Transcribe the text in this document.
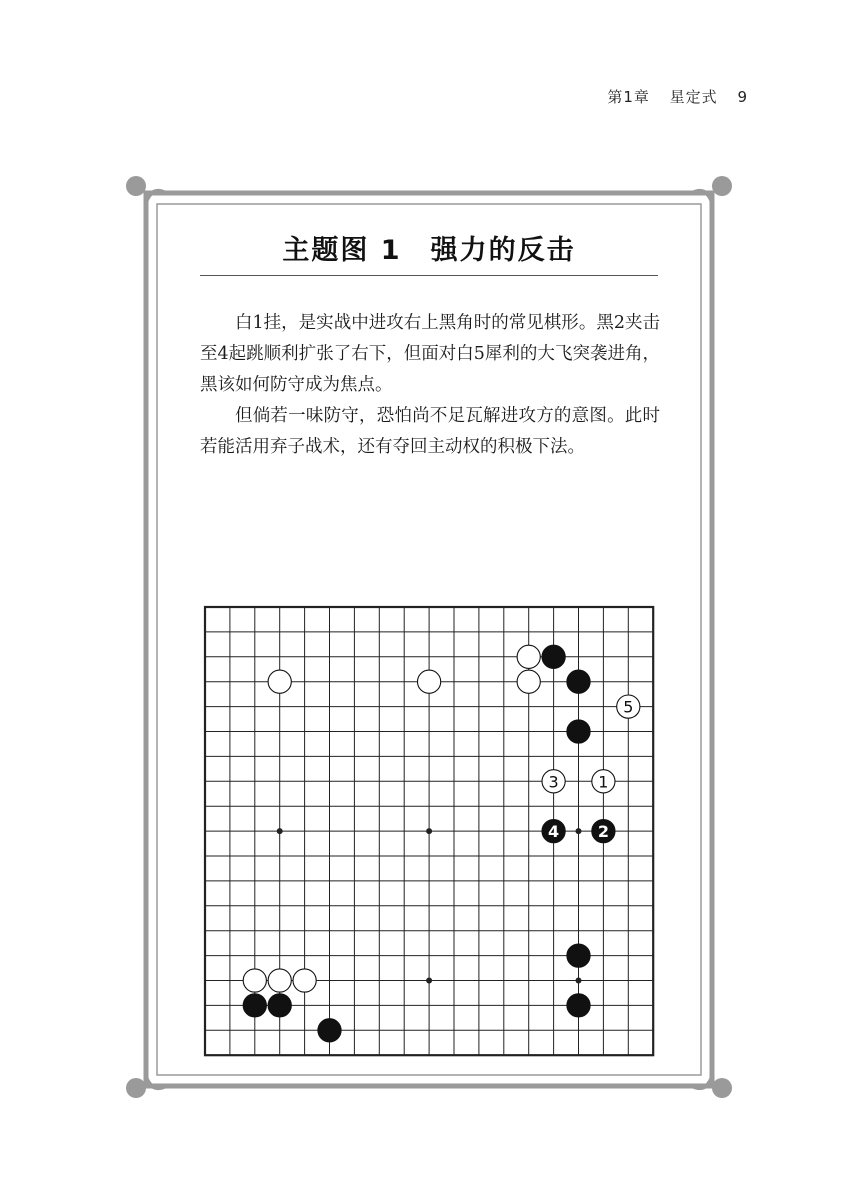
第1章 星定式 9
主题图 1　强力的反击

白1挂，是实战中进攻右上黑角时的常见棋形。黑2夹击至4起跳顺利扩张了右下，但面对白5犀利的大飞突袭进角，黑该如何防守成为焦点。

但倘若一味防守，恐怕尚不足瓦解进攻方的意图。此时若能活用弃子战术，还有夺回主动权的积极下法。

5
3 1
4 2
